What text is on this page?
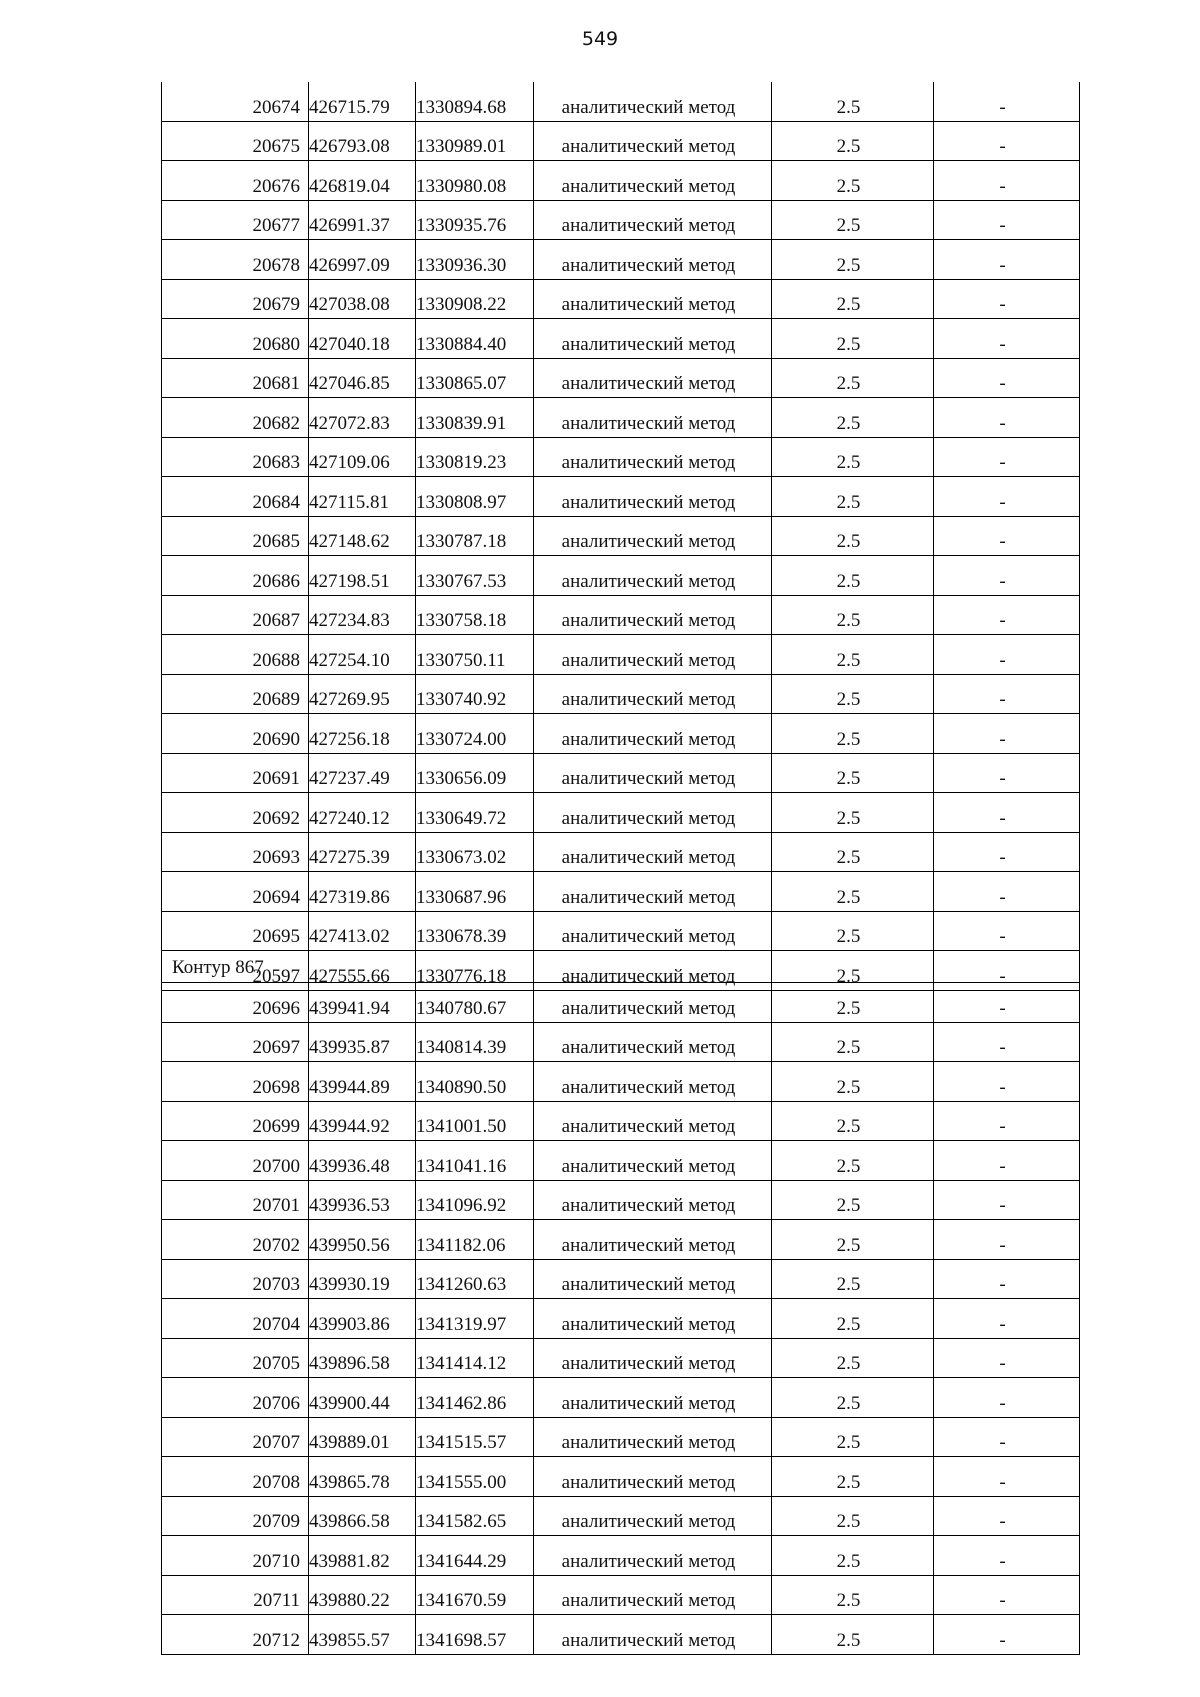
549
20674	426715.79	1330894.68	аналитический метод	2.5	-
20675	426793.08	1330989.01	аналитический метод	2.5	-
20676	426819.04	1330980.08	аналитический метод	2.5	-
20677	426991.37	1330935.76	аналитический метод	2.5	-
20678	426997.09	1330936.30	аналитический метод	2.5	-
20679	427038.08	1330908.22	аналитический метод	2.5	-
20680	427040.18	1330884.40	аналитический метод	2.5	-
20681	427046.85	1330865.07	аналитический метод	2.5	-
20682	427072.83	1330839.91	аналитический метод	2.5	-
20683	427109.06	1330819.23	аналитический метод	2.5	-
20684	427115.81	1330808.97	аналитический метод	2.5	-
20685	427148.62	1330787.18	аналитический метод	2.5	-
20686	427198.51	1330767.53	аналитический метод	2.5	-
20687	427234.83	1330758.18	аналитический метод	2.5	-
20688	427254.10	1330750.11	аналитический метод	2.5	-
20689	427269.95	1330740.92	аналитический метод	2.5	-
20690	427256.18	1330724.00	аналитический метод	2.5	-
20691	427237.49	1330656.09	аналитический метод	2.5	-
20692	427240.12	1330649.72	аналитический метод	2.5	-
20693	427275.39	1330673.02	аналитический метод	2.5	-
20694	427319.86	1330687.96	аналитический метод	2.5	-
20695	427413.02	1330678.39	аналитический метод	2.5	-
20597	427555.66	1330776.18	аналитический метод	2.5	-
Контур 867
20696	439941.94	1340780.67	аналитический метод	2.5	-
20697	439935.87	1340814.39	аналитический метод	2.5	-
20698	439944.89	1340890.50	аналитический метод	2.5	-
20699	439944.92	1341001.50	аналитический метод	2.5	-
20700	439936.48	1341041.16	аналитический метод	2.5	-
20701	439936.53	1341096.92	аналитический метод	2.5	-
20702	439950.56	1341182.06	аналитический метод	2.5	-
20703	439930.19	1341260.63	аналитический метод	2.5	-
20704	439903.86	1341319.97	аналитический метод	2.5	-
20705	439896.58	1341414.12	аналитический метод	2.5	-
20706	439900.44	1341462.86	аналитический метод	2.5	-
20707	439889.01	1341515.57	аналитический метод	2.5	-
20708	439865.78	1341555.00	аналитический метод	2.5	-
20709	439866.58	1341582.65	аналитический метод	2.5	-
20710	439881.82	1341644.29	аналитический метод	2.5	-
20711	439880.22	1341670.59	аналитический метод	2.5	-
20712	439855.57	1341698.57	аналитический метод	2.5	-
